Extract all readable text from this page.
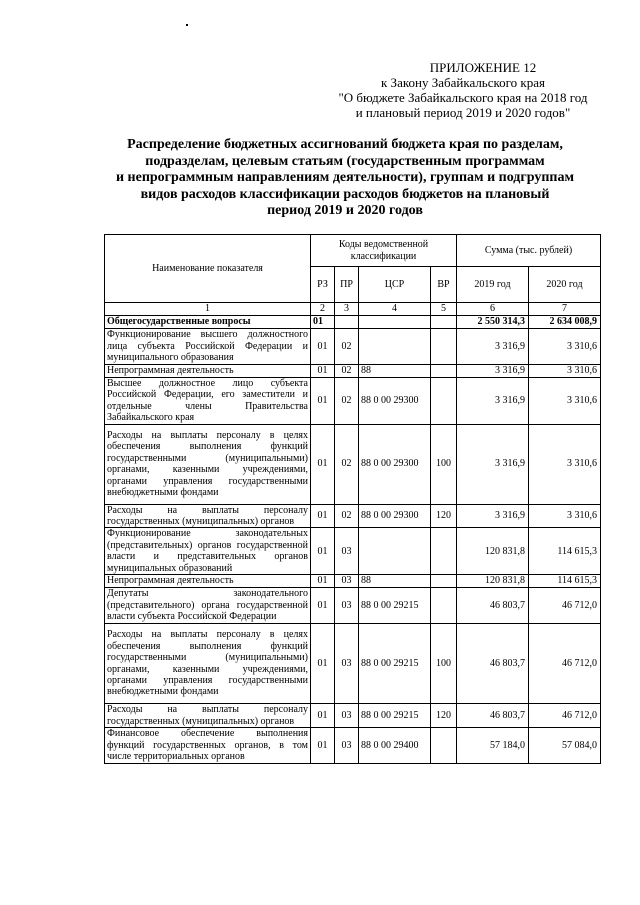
ПРИЛОЖЕНИЕ 12
к Закону Забайкальского края
"О бюджете Забайкальского края на 2018 год
и плановый период 2019 и 2020 годов"
Распределение бюджетных ассигнований бюджета края по разделам,
подразделам, целевым статьям (государственным программам
и непрограммным направлениям деятельности), группам и подгруппам
видов расходов классификации расходов бюджетов на плановый
период 2019 и 2020 годов
Наименование показателя	Коды ведомственной классификации				Сумма (тыс. рублей)	
	РЗ	ПР	ЦСР	ВР	2019 год	2020 год
1	2	3	4	5	6	7
Общегосударственные вопросы	01				2 550 314,3	2 634 008,9
Функционирование высшего должностного лица субъекта Российской Федерации и муниципального образования	01	02			3 316,9	3 310,6
Непрограммная деятельность	01	02	88		3 316,9	3 310,6
Высшее должностное лицо субъекта Российской Федерации, его заместители и отдельные члены Правительства Забайкальского края	01	02	88 0 00 29300		3 316,9	3 310,6
Расходы на выплаты персоналу в целях обеспечения выполнения функций государственными (муниципальными) органами, казенными учреждениями, органами управления государственными внебюджетными фондами	01	02	88 0 00 29300	100	3 316,9	3 310,6
Расходы на выплаты персоналу государственных (муниципальных) органов	01	02	88 0 00 29300	120	3 316,9	3 310,6
Функционирование законодательных (представительных) органов государственной власти и представительных органов муниципальных образований	01	03			120 831,8	114 615,3
Непрограммная деятельность	01	03	88		120 831,8	114 615,3
Депутаты законодательного (представительного) органа государственной власти субъекта Российской Федерации	01	03	88 0 00 29215		46 803,7	46 712,0
Расходы на выплаты персоналу в целях обеспечения выполнения функций государственными (муниципальными) органами, казенными учреждениями, органами управления государственными внебюджетными фондами	01	03	88 0 00 29215	100	46 803,7	46 712,0
Расходы на выплаты персоналу государственных (муниципальных) органов	01	03	88 0 00 29215	120	46 803,7	46 712,0
Финансовое обеспечение выполнения функций государственных органов, в том числе территориальных органов	01	03	88 0 00 29400		57 184,0	57 084,0
